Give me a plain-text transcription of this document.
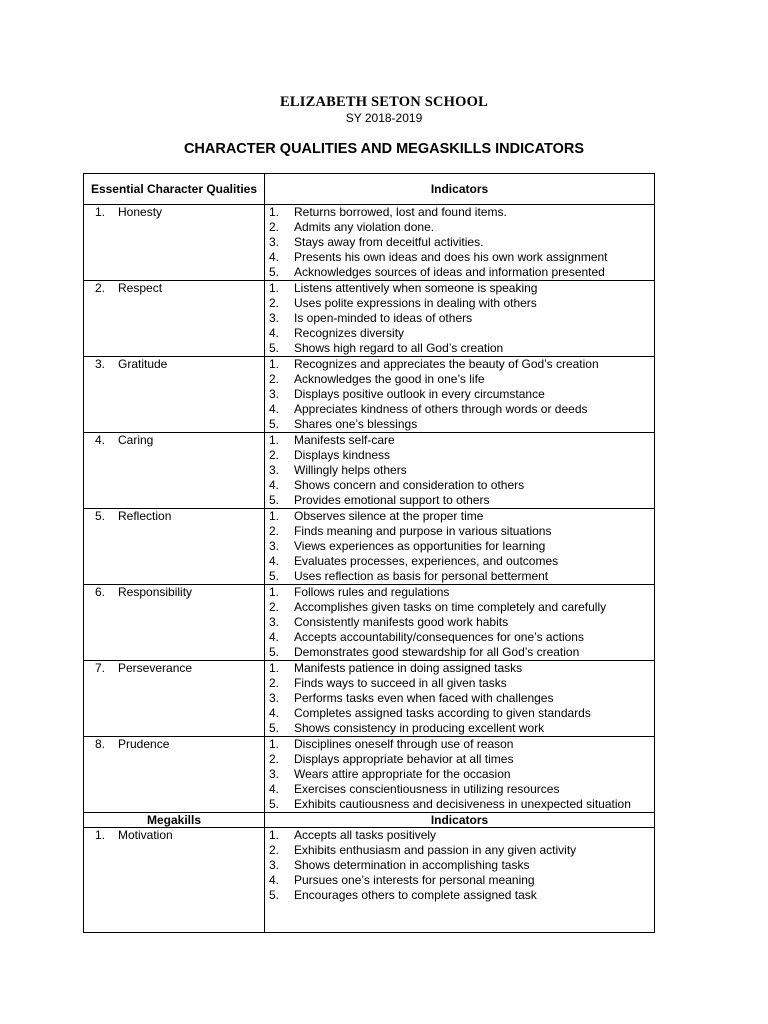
ELIZABETH SETON SCHOOL
SY 2018-2019
CHARACTER QUALITIES AND MEGASKILLS INDICATORS
Essential Character Qualities	Indicators
1. Honesty	1. Returns borrowed, lost and found items.
2. Admits any violation done.
3. Stays away from deceitful activities.
4. Presents his own ideas and does his own work assignment
5. Acknowledges sources of ideas and information presented

2. Respect	1. Listens attentively when someone is speaking
2. Uses polite expressions in dealing with others
3. Is open-minded to ideas of others
4. Recognizes diversity
5. Shows high regard to all God’s creation

3. Gratitude	1. Recognizes and appreciates the beauty of God’s creation
2. Acknowledges the good in one’s life
3. Displays positive outlook in every circumstance
4. Appreciates kindness of others through words or deeds
5. Shares one’s blessings

4. Caring	1. Manifests self-care
2. Displays kindness
3. Willingly helps others
4. Shows concern and consideration to others
5. Provides emotional support to others

5. Reflection	1. Observes silence at the proper time
2. Finds meaning and purpose in various situations
3. Views experiences as opportunities for learning
4. Evaluates processes, experiences, and outcomes
5. Uses reflection as basis for personal betterment

6. Responsibility	1. Follows rules and regulations
2. Accomplishes given tasks on time completely and carefully
3. Consistently manifests good work habits
4. Accepts accountability/consequences for one’s actions
5. Demonstrates good stewardship for all God’s creation

7. Perseverance	1. Manifests patience in doing assigned tasks
2. Finds ways to succeed in all given tasks
3. Performs tasks even when faced with challenges
4. Completes assigned tasks according to given standards
5. Shows consistency in producing excellent work

8. Prudence	1. Disciplines oneself through use of reason
2. Displays appropriate behavior at all times
3. Wears attire appropriate for the occasion
4. Exercises conscientiousness in utilizing resources
5. Exhibits cautiousness and decisiveness in unexpected situation

Megakills	Indicators
1. Motivation	1. Accepts all tasks positively
2. Exhibits enthusiasm and passion in any given activity
3. Shows determination in accomplishing tasks
4. Pursues one’s interests for personal meaning
5. Encourages others to complete assigned task
